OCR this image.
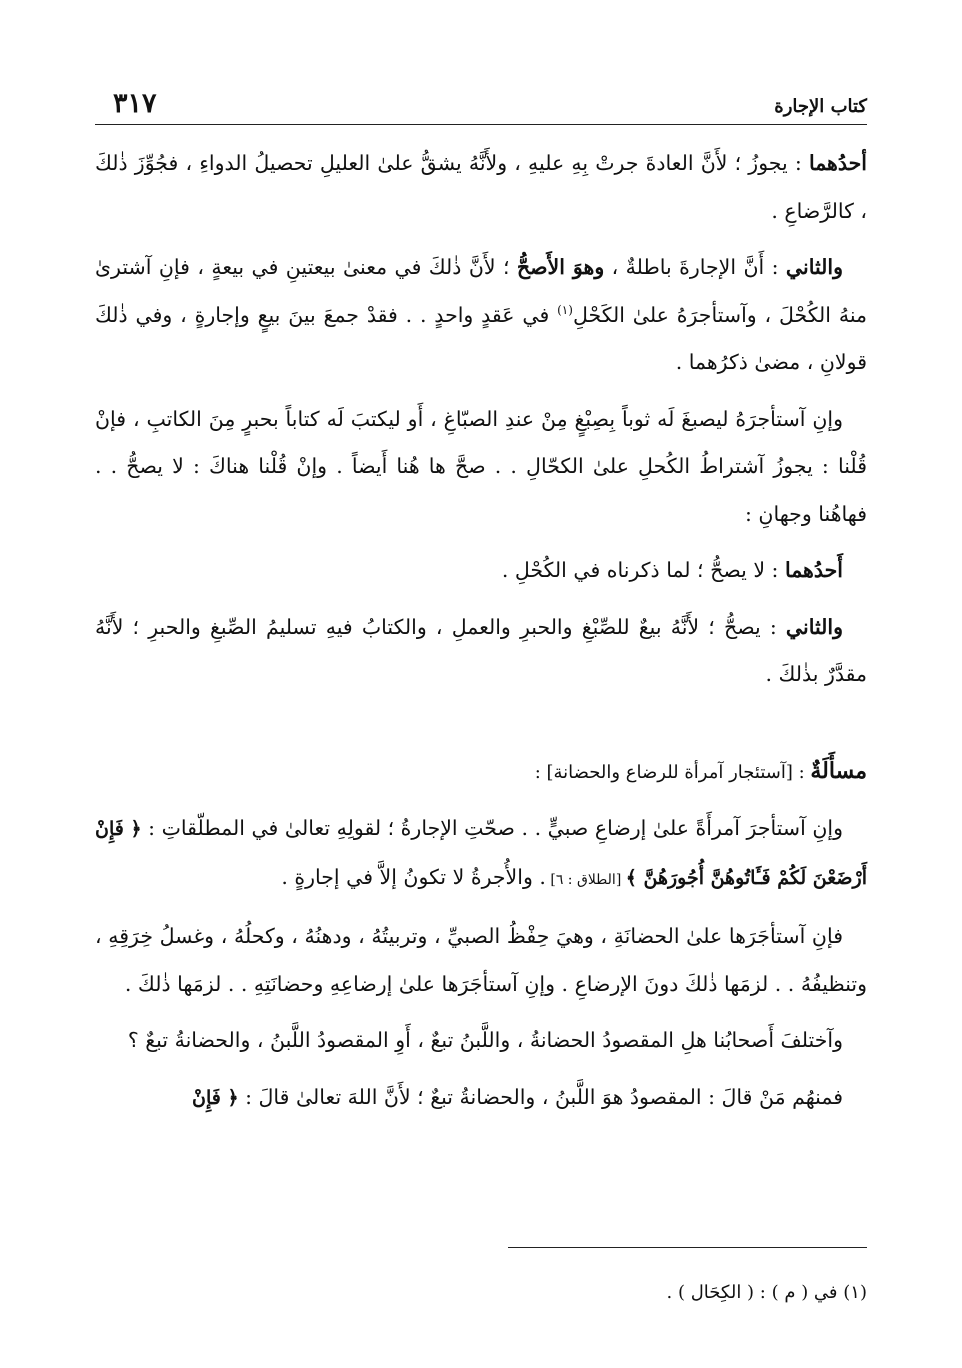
كتاب الإجارة
٣١٧

أحدُهما : يجوزُ ؛ لأَنَّ العادةَ جرتْ بِهِ عليهِ ، ولأَنَّهُ يشقُّ علىٰ العليلِ تحصيلُ الدواءِ ، فجُوِّزَ ذٰلكَ ، كالرَّضاعِ .

والثاني : أَنَّ الإجارةَ باطلةٌ ، وهوَ الأَصحُّ ؛ لأَنَّ ذٰلكَ في معنىٰ بيعتينِ في بيعةٍ ، فإنِ آشترىٰ منهُ الكُحْلَ ، وآستأجرَهُ علىٰ الكَحْلِ$^{(١)}$ في عَقدٍ واحدٍ . . فقدْ جمعَ بينَ بيعٍ وإجارةٍ ، وفي ذٰلكَ قولانِ ، مضىٰ ذكرُهما .

وإنِ آستأجرَهُ ليصبغَ لَه ثوباً بِصِبْغٍ مِنْ عندِ الصبّاغِ ، أَو ليكتبَ لَه كتاباً بحبرٍ مِنَ الكاتبِ ، فإنْ قُلْنا : يجوزُ آشتراطُ الكُحلِ علىٰ الكحّالِ . . صحَّ ها هُنا أَيضاً . وإنْ قُلْنا هناكَ : لا يصحُّ . . فهاهُنا وجهانِ :

أَحدُهما : لا يصحُّ ؛ لما ذكرناه في الكُحْلِ .

والثاني : يصحُّ ؛ لأَنَّهُ بيعٌ للصِّبْغِ والحبرِ والعملِ ، والكتابُ فيهِ تسليمُ الصِّبغِ والحبرِ ؛ لأَنَّهُ مقدَّرٌ بذٰلكَ .

مسأَلَةٌ : [آستئجار آمرأة للرضاع والحضانة] :

وإنِ آستأجرَ آمرأَةً علىٰ إرضاعِ صبيٍّ . . صحّتِ الإجارةُ ؛ لقولِهِ تعالىٰ في المطلّقاتِ : ﴿ فَإِنْ أَرْضَعْنَ لَكُمْ فَـَٔاتُوهُنَّ أُجُورَهُنَّ ﴾ [الطلاق : ٦] . والأُجرةُ لا تكونُ إلاَّ في إجارةٍ .

فإنِ آستأجَرَها علىٰ الحضانَةِ ، وهيَ حِفْظُ الصبيِّ ، وتربيتُهُ ، ودهنُهُ ، وكحلُهُ ، وغسلُ خِرَقِهِ ، وتنظيفُهُ . . لزمَها ذٰلكَ دونَ الإرضاعِ . وإنِ آستأجَرَها علىٰ إرضاعِهِ وحضانَتِهِ . . لزمَها ذٰلكَ .

وآختلفَ أَصحابُنا هلِ المقصودُ الحضانةُ ، واللَّبنُ تبعٌ ، أَوِ المقصودُ اللَّبنُ ، والحضانةُ تبعٌ ؟

فمنهُم مَنْ قالَ : المقصودُ هوَ اللَّبنُ ، والحضانةُ تبعٌ ؛ لأَنَّ اللهَ تعالىٰ قالَ : ﴿ فَإِنْ

(١) في ( م ) : ( الكِحَال ) .
